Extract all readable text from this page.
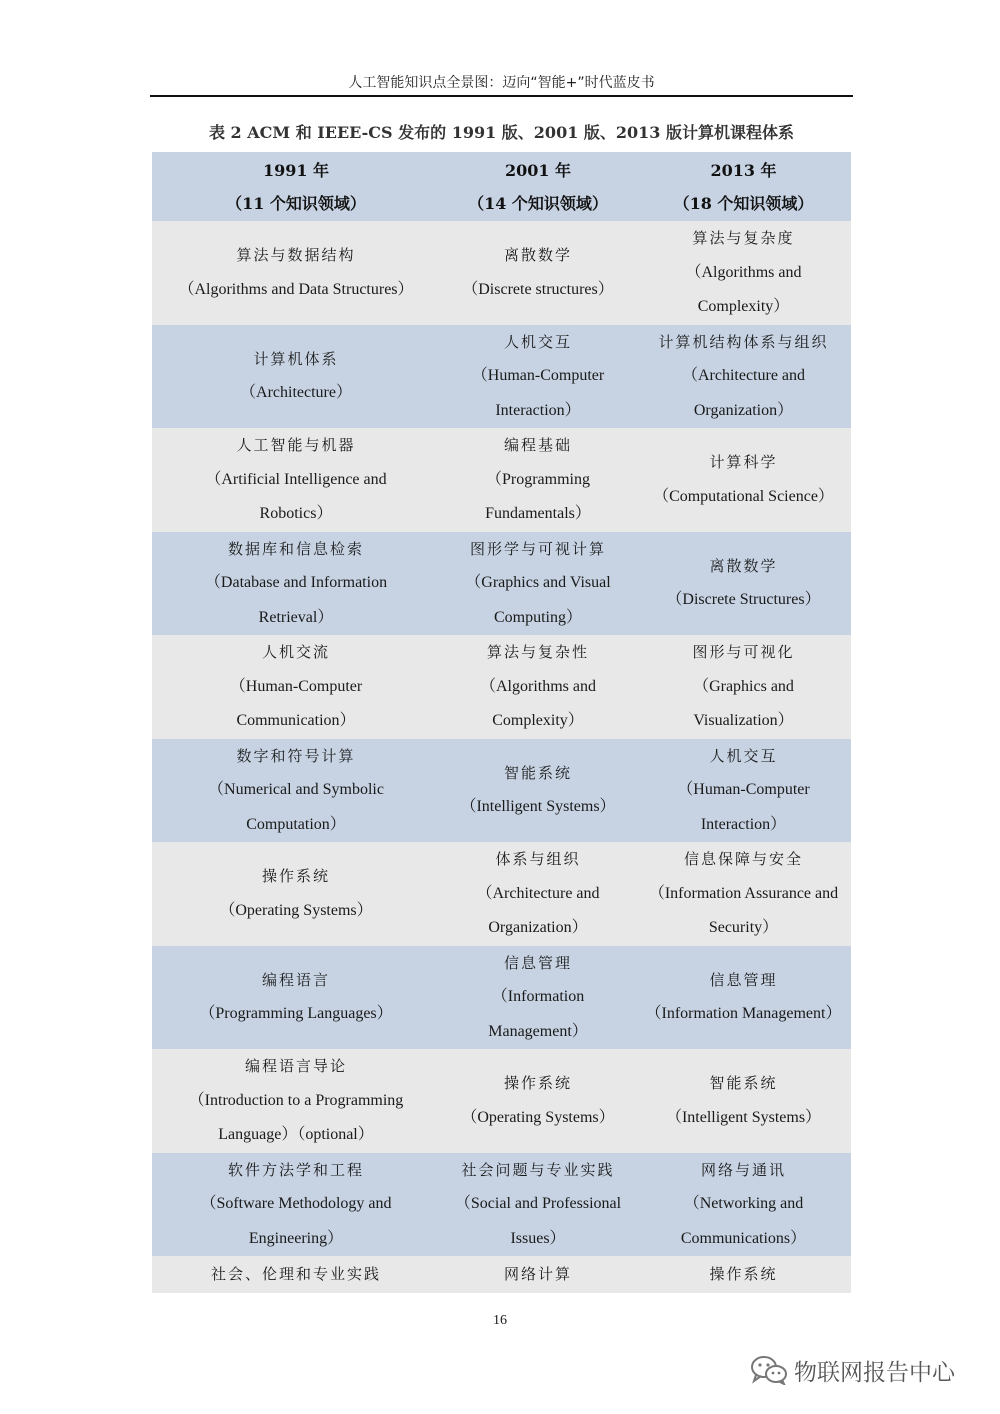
人工智能知识点全景图：迈向“智能+”时代蓝皮书
表 2 ACM 和 IEEE-CS 发布的 1991 版、2001 版、2013 版计算机课程体系
1991 年
（11 个知识领域）
2001 年
（14 个知识领域）
2013 年
（18 个知识领域）
算法与数据结构
（Algorithms and Data Structures）
离散数学
（Discrete structures）
算法与复杂度
（Algorithms and
Complexity）
计算机体系
（Architecture）
人机交互
（Human-Computer
Interaction）
计算机结构体系与组织
（Architecture and
Organization）
人工智能与机器
（Artificial Intelligence and
Robotics）
编程基础
（Programming
Fundamentals）
计算科学
（Computational Science）
数据库和信息检索
（Database and Information
Retrieval）
图形学与可视计算
（Graphics and Visual
Computing）
离散数学
（Discrete Structures）
人机交流
（Human-Computer
Communication）
算法与复杂性
（Algorithms and
Complexity）
图形与可视化
（Graphics and
Visualization）
数字和符号计算
（Numerical and Symbolic
Computation）
智能系统
（Intelligent Systems）
人机交互
（Human-Computer
Interaction）
操作系统
（Operating Systems）
体系与组织
（Architecture and
Organization）
信息保障与安全
（Information Assurance and
Security）
编程语言
（Programming Languages）
信息管理
（Information
Management）
信息管理
（Information Management）
编程语言导论
（Introduction to a Programming
Language）（optional）
操作系统
（Operating Systems）
智能系统
（Intelligent Systems）
软件方法学和工程
（Software Methodology and
Engineering）
社会问题与专业实践
（Social and Professional
Issues）
网络与通讯
（Networking and
Communications）
社会、伦理和专业实践	网络计算	操作系统
16
物联网报告中心
